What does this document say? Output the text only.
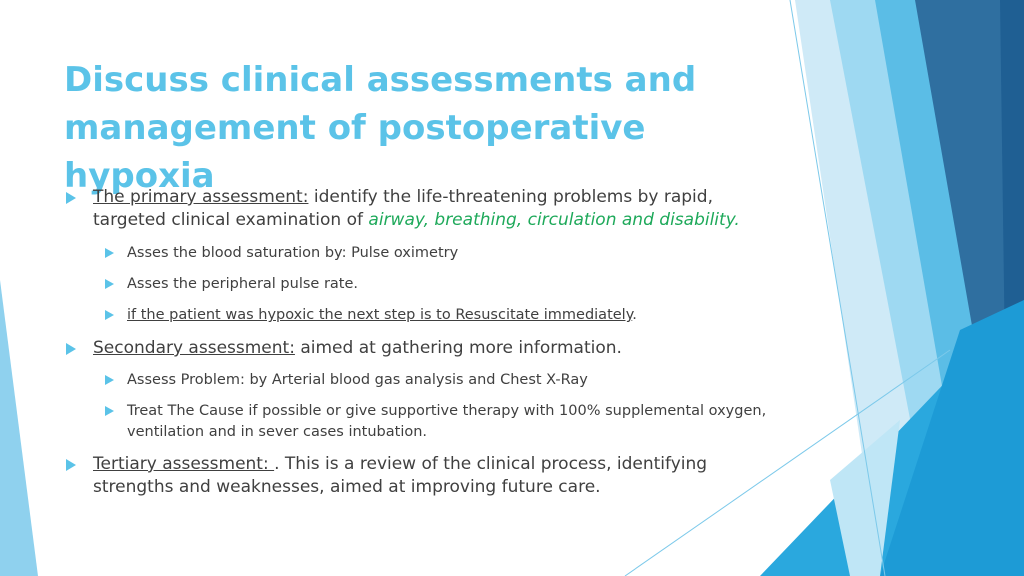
Discuss clinical assessments and management of postoperative hypoxia
The primary assessment: identify the life-threatening problems by rapid, targeted clinical examination of airway, breathing, circulation and disability.
Asses the blood saturation by: Pulse oximetry
Asses the peripheral pulse rate.
if the patient was hypoxic the next step is to Resuscitate immediately.
Secondary assessment: aimed at gathering more information.
Assess Problem: by Arterial blood gas analysis and Chest X-Ray
Treat The Cause if possible or give supportive therapy with 100% supplemental oxygen, ventilation and in sever cases intubation.
Tertiary assessment: . This is a review of the clinical process, identifying strengths and weaknesses, aimed at improving future care.
